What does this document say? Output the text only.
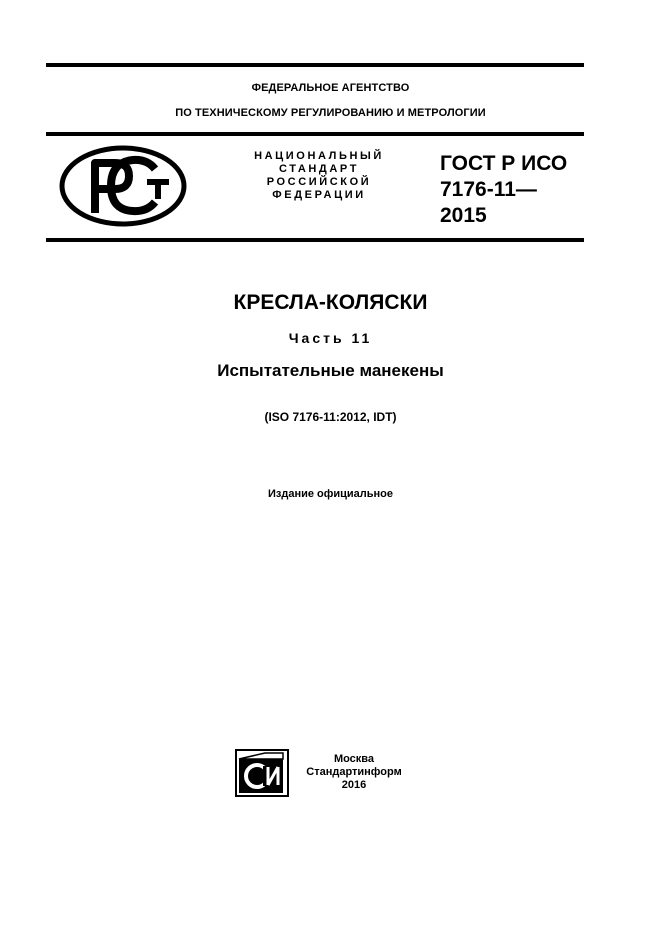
ФЕДЕРАЛЬНОЕ АГЕНТСТВО
ПО ТЕХНИЧЕСКОМУ РЕГУЛИРОВАНИЮ И МЕТРОЛОГИИ
НАЦИОНАЛЬНЫЙ
СТАНДАРТ
РОССИЙСКОЙ
ФЕДЕРАЦИИ
ГОСТ Р ИСО
7176-11—
2015
КРЕСЛА-КОЛЯСКИ
Часть 11
Испытательные манекены
(ISO 7176-11:2012, IDT)
Издание официальное
Москва
Стандартинформ
2016
